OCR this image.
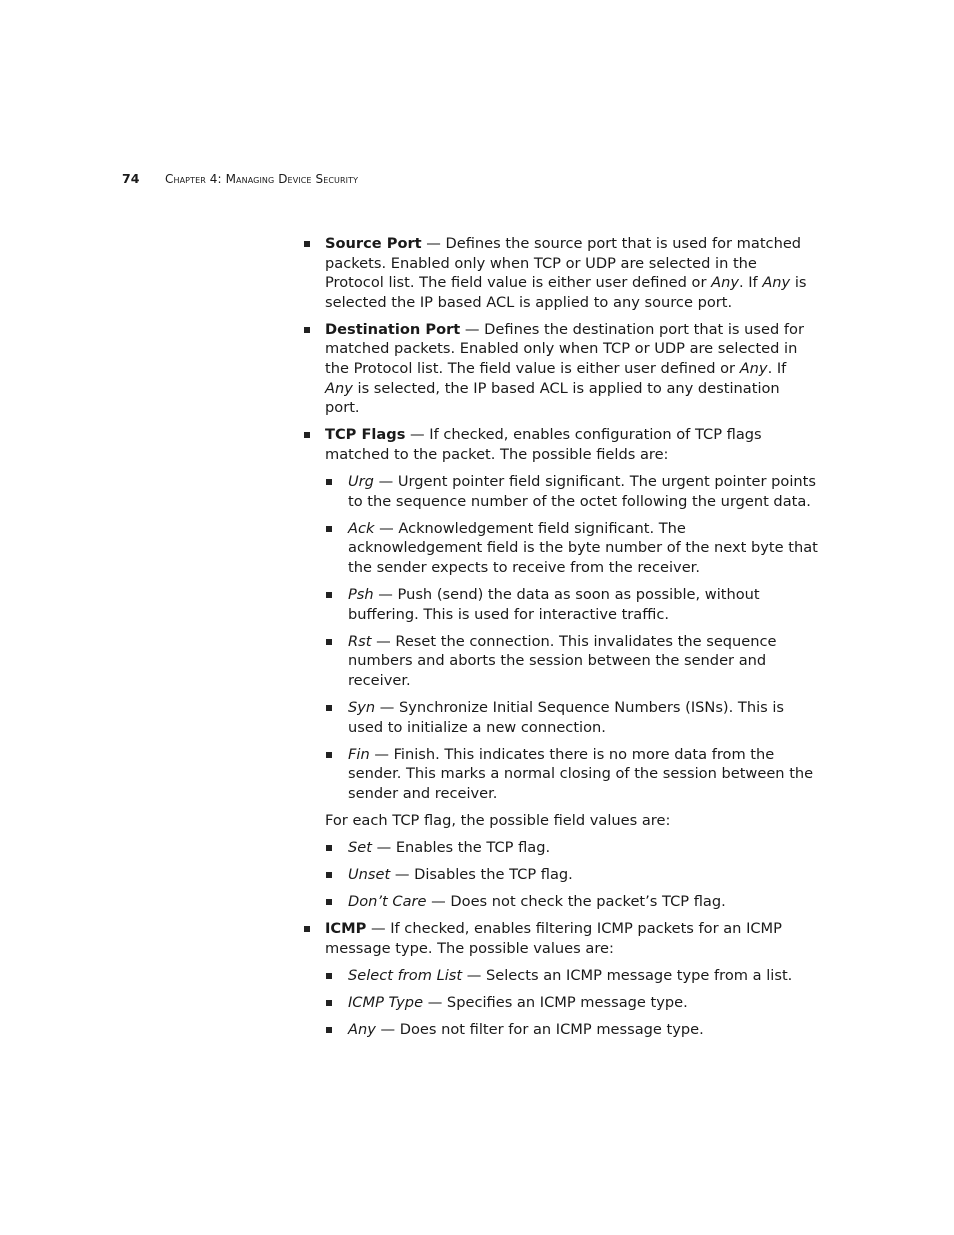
74	Chapter 4: Managing Device Security
Source Port — Defines the source port that is used for matched packets. Enabled only when TCP or UDP are selected in the Protocol list. The field value is either user defined or Any. If Any is selected the IP based ACL is applied to any source port.
Destination Port — Defines the destination port that is used for matched packets. Enabled only when TCP or UDP are selected in the Protocol list. The field value is either user defined or Any. If Any is selected, the IP based ACL is applied to any destination port.
TCP Flags — If checked, enables configuration of TCP flags matched to the packet. The possible fields are:
Urg — Urgent pointer field significant. The urgent pointer points to the sequence number of the octet following the urgent data.
Ack — Acknowledgement field significant. The acknowledgement field is the byte number of the next byte that the sender expects to receive from the receiver.
Psh — Push (send) the data as soon as possible, without buffering. This is used for interactive traffic.
Rst — Reset the connection. This invalidates the sequence numbers and aborts the session between the sender and receiver.
Syn — Synchronize Initial Sequence Numbers (ISNs). This is used to initialize a new connection.
Fin — Finish. This indicates there is no more data from the sender. This marks a normal closing of the session between the sender and receiver.

For each TCP flag, the possible field values are:

Set — Enables the TCP flag.
Unset — Disables the TCP flag.
Don’t Care — Does not check the packet’s TCP flag.
ICMP — If checked, enables filtering ICMP packets for an ICMP message type. The possible values are:
Select from List — Selects an ICMP message type from a list.
ICMP Type — Specifies an ICMP message type.
Any — Does not filter for an ICMP message type.
